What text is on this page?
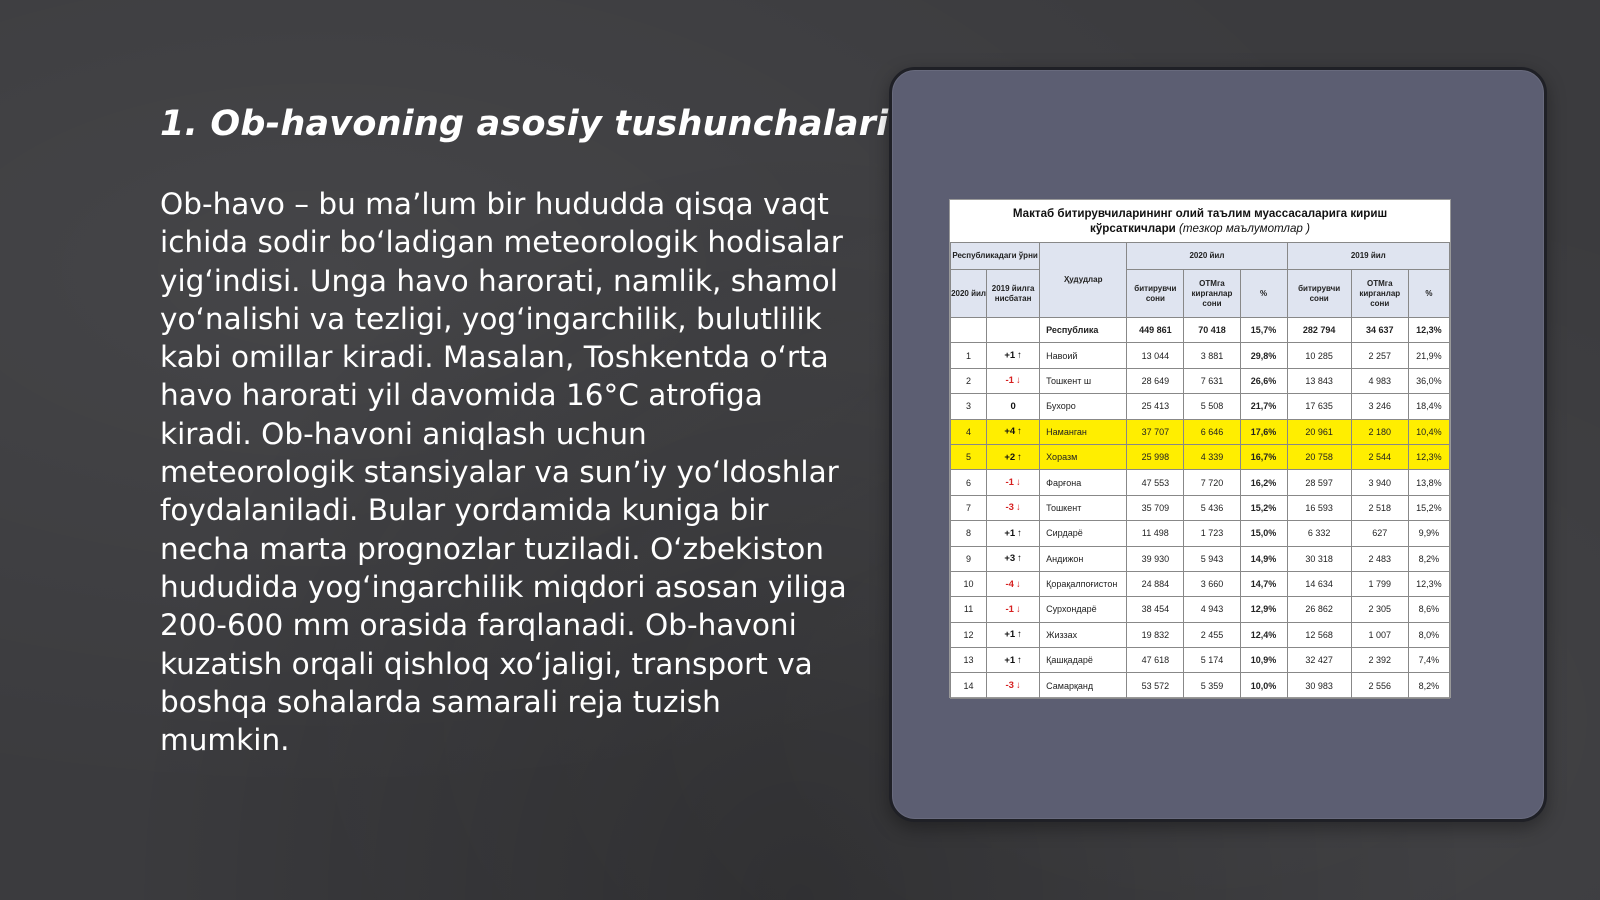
1. Ob-havoning asosiy tushunchalari

Ob-havo – bu ma’lum bir hududda qisqa vaqt ichida sodir bo‘ladigan meteorologik hodisalar yig‘indisi. Unga havo harorati, namlik, shamol yo‘nalishi va tezligi, yog‘ingarchilik, bulutlilik kabi omillar kiradi. Masalan, Toshkentda o‘rta havo harorati yil davomida 16°C atrofiga kiradi. Ob-havoni aniqlash uchun meteorologik stansiyalar va sun’iy yo‘ldoshlar foydalaniladi. Bular yordamida kuniga bir necha marta prognozlar tuziladi. O‘zbekiston hududida yog‘ingarchilik miqdori asosan yiliga 200-600 mm orasida farqlanadi. Ob-havoni kuzatish orqali qishloq xo‘jaligi, transport va boshqa sohalarda samarali reja tuzish mumkin.

Мактаб битирувчиларининг олий таълим муассасаларига кириш
кўрсаткичлари (тезкор маълумотлар )
Республикадаги ўрни		Ҳудудлар	2020 йил			2019 йил		
2020 йил	2019 йилга нисбатан		битирувчи сони	ОТМга кирганлар сони	%	битирувчи сони	ОТМга кирганлар сони	%
		Республика	449 861	70 418	15,7%	282 794	34 637	12,3%
1	+1 ↑	Навоий	13 044	3 881	29,8%	10 285	2 257	21,9%
2	-1 ↓	Тошкент ш	28 649	7 631	26,6%	13 843	4 983	36,0%
3	0	Бухоро	25 413	5 508	21,7%	17 635	3 246	18,4%
4	+4 ↑	Наманган	37 707	6 646	17,6%	20 961	2 180	10,4%
5	+2 ↑	Хоразм	25 998	4 339	16,7%	20 758	2 544	12,3%
6	-1 ↓	Фарғона	47 553	7 720	16,2%	28 597	3 940	13,8%
7	-3 ↓	Тошкент	35 709	5 436	15,2%	16 593	2 518	15,2%
8	+1 ↑	Сирдарё	11 498	1 723	15,0%	6 332	627	9,9%
9	+3 ↑	Андижон	39 930	5 943	14,9%	30 318	2 483	8,2%
10	-4 ↓	Қорақалпоғистон	24 884	3 660	14,7%	14 634	1 799	12,3%
11	-1 ↓	Сурхондарё	38 454	4 943	12,9%	26 862	2 305	8,6%
12	+1 ↑	Жиззах	19 832	2 455	12,4%	12 568	1 007	8,0%
13	+1 ↑	Қашқадарё	47 618	5 174	10,9%	32 427	2 392	7,4%
14	-3 ↓	Самарқанд	53 572	5 359	10,0%	30 983	2 556	8,2%
